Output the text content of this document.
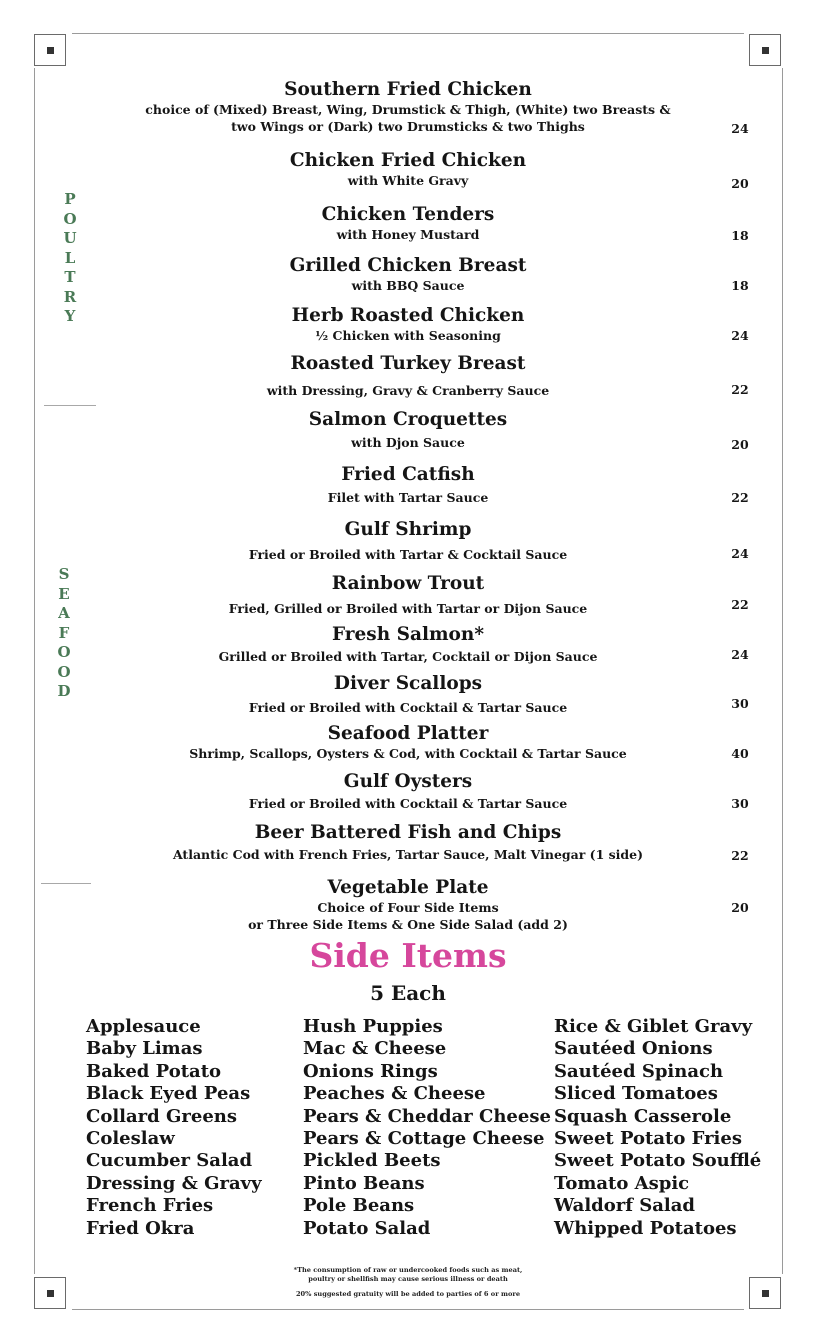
P
O
U
L
T
R
Y
S
E
A
F
O
O
D
Southern Fried Chicken
choice of (Mixed) Breast, Wing, Drumstick & Thigh, (White) two Breasts &
two Wings or (Dark) two Drumsticks & two Thighs	24
Chicken Fried Chicken
with White Gravy	20
Chicken Tenders
with Honey Mustard	18
Grilled Chicken Breast
with BBQ Sauce	18
Herb Roasted Chicken
½ Chicken with Seasoning	24
Roasted Turkey Breast
with Dressing, Gravy & Cranberry Sauce	22
Salmon Croquettes
with Djon Sauce	20
Fried Catfish
Filet with Tartar Sauce	22
Gulf Shrimp
Fried or Broiled with Tartar & Cocktail Sauce	24
Rainbow Trout
Fried, Grilled or Broiled with Tartar or Dijon Sauce	22
Fresh Salmon*
Grilled or Broiled with Tartar, Cocktail or Dijon Sauce	24
Diver Scallops
Fried or Broiled with Cocktail & Tartar Sauce	30
Seafood Platter
Shrimp, Scallops, Oysters & Cod, with Cocktail & Tartar Sauce	40
Gulf Oysters
Fried or Broiled with Cocktail & Tartar Sauce	30
Beer Battered Fish and Chips
Atlantic Cod with French Fries, Tartar Sauce, Malt Vinegar (1 side)	22
Vegetable Plate
Choice of Four Side Items
or Three Side Items & One Side Salad (add 2)
20
Side Items
5 Each
Applesauce
Baby Limas
Baked Potato
Black Eyed Peas
Collard Greens
Coleslaw
Cucumber Salad
Dressing & Gravy
French Fries
Fried Okra
Hush Puppies
Mac & Cheese
Onions Rings
Peaches & Cheese
Pears & Cheddar Cheese
Pears & Cottage Cheese
Pickled Beets
Pinto Beans
Pole Beans
Potato Salad
Rice & Giblet Gravy
Sautéed Onions
Sautéed Spinach
Sliced Tomatoes
Squash Casserole
Sweet Potato Fries
Sweet Potato Soufflé
Tomato Aspic
Waldorf Salad
Whipped Potatoes
*The consumption of raw or undercooked foods such as meat,
poultry or shellfish may cause serious illness or death
20% suggested gratuity will be added to parties of 6 or more
